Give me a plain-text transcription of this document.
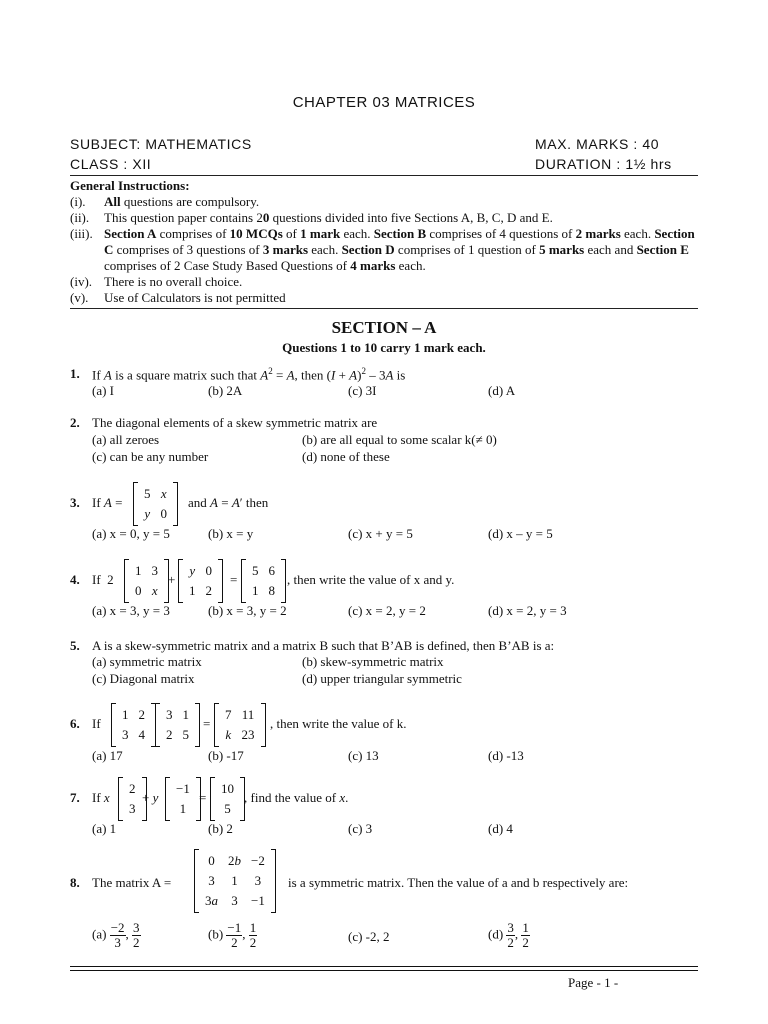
CHAPTER 03 MATRICES
SUBJECT: MATHEMATICS	MAX. MARKS : 40
CLASS : XII	DURATION : 1½ hrs
General Instructions:
(i). All questions are compulsory.
(ii). This question paper contains 20 questions divided into five Sections A, B, C, D and E.
(iii). Section A comprises of 10 MCQs of 1 mark each. Section B comprises of 4 questions of 2 marks each. Section C comprises of 3 questions of 3 marks each. Section D comprises of 1 question of 5 marks each and Section E comprises of 2 Case Study Based Questions of 4 marks each.
(iv). There is no overall choice.
(v). Use of Calculators is not permitted
SECTION – A
Questions 1 to 10 carry 1 mark each.
1. If A is a square matrix such that $A^2 = A$, then $(I + A)^2 - 3A$ is
(a) I	(b) 2A	(c) 3I	(d) A
2. The diagonal elements of a skew symmetric matrix are
(a) all zeroes	(b) are all equal to some scalar k(≠ 0)
(c) can be any number	(d) none of these
3. If A =
5	x
y	0
and A = A′ then
(a) x = 0, y = 5	(b) x = y	(c) x + y = 5	(d) x – y = 5
4. If  2
1	3
0	x
+
y	0
1	2
=
5	6
1	8
, then write the value of x and y.
(a) x = 3, y = 3	(b) x = 3, y = 2	(c) x = 2, y = 2	(d) x = 2, y = 3
5. A is a skew-symmetric matrix and a matrix B such that B’AB is defined, then B’AB is a:
(a) symmetric matrix	(b) skew-symmetric matrix
(c) Diagonal matrix	(d) upper triangular symmetric
6. If
1	2
3	4
3	1
2	5
=
7	11
k	23
, then write the value of k.
(a) 17	(b) -17	(c) 13	(d) -13
7. If x
2
3
+ y
−1
1
=
10
5
, find the value of x.
(a) 1	(b) 2	(c) 3	(d) 4
8. The matrix A =
0	2b	−2
3	1	3
3a	3	−1
is a symmetric matrix. Then the value of a and b respectively are:
$(a) \frac{-2}{3}$ , $\frac{3}{2}$	$(b) \frac{-1}{2}$ , $\frac{1}{2}$	(c) -2, 2	$(d) \frac{3}{2}$ , $\frac{1}{2}$
Page - 1 -
